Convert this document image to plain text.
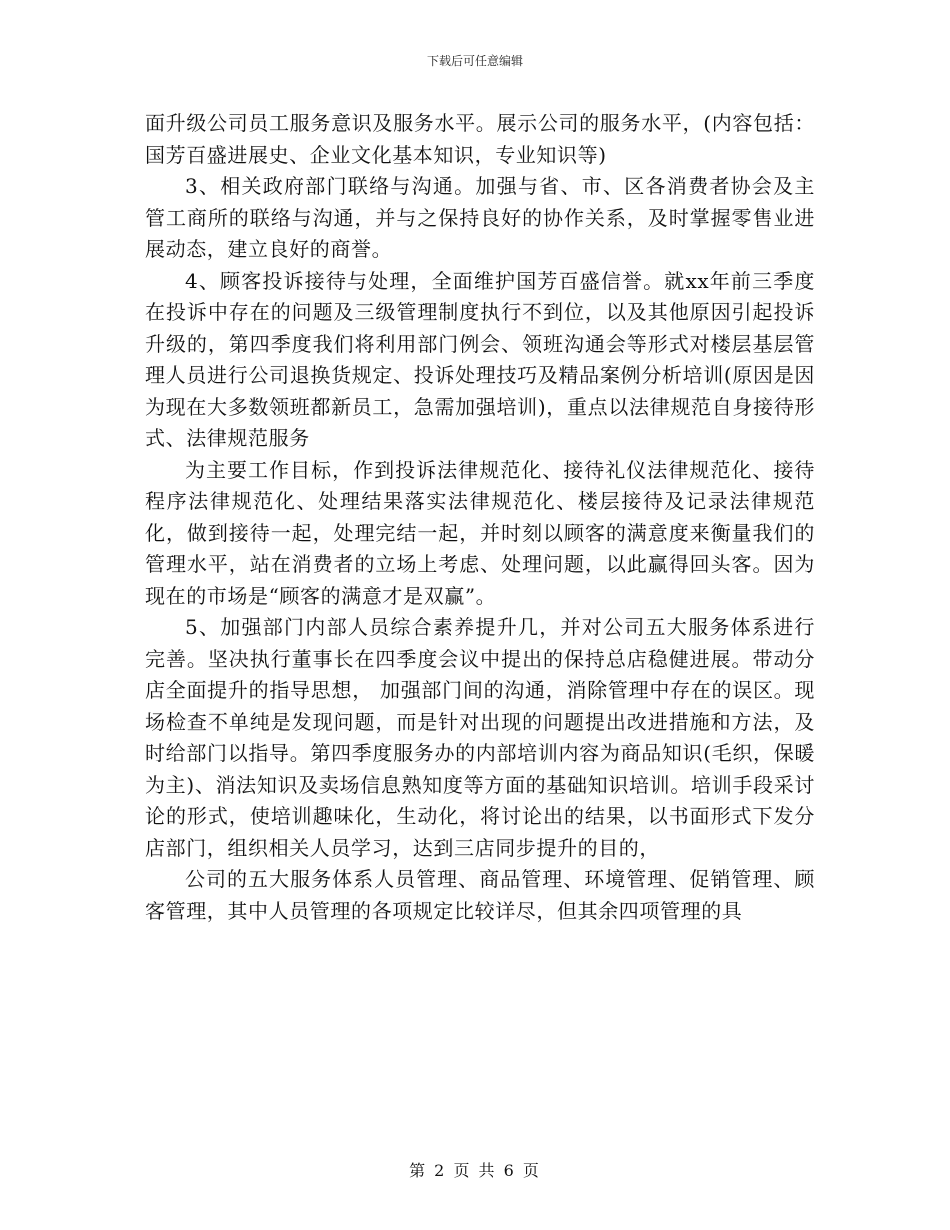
下载后可任意编辑

面升级公司员工服务意识及服务水平。展示公司的服务水平，(内容包括：国芳百盛进展史、企业文化基本知识，专业知识等)

3、相关政府部门联络与沟通。加强与省、市、区各消费者协会及主管工商所的联络与沟通，并与之保持良好的协作关系，及时掌握零售业进展动态，建立良好的商誉。

4、顾客投诉接待与处理，全面维护国芳百盛信誉。就xx年前三季度在投诉中存在的问题及三级管理制度执行不到位，以及其他原因引起投诉升级的，第四季度我们将利用部门例会、领班沟通会等形式对楼层基层管理人员进行公司退换货规定、投诉处理技巧及精品案例分析培训(原因是因为现在大多数领班都新员工，急需加强培训)，重点以法律规范自身接待形式、法律规范服务

为主要工作目标，作到投诉法律规范化、接待礼仪法律规范化、接待程序法律规范化、处理结果落实法律规范化、楼层接待及记录法律规范化，做到接待一起，处理完结一起，并时刻以顾客的满意度来衡量我们的管理水平，站在消费者的立场上考虑、处理问题，以此赢得回头客。因为现在的市场是“顾客的满意才是双赢”。

5、加强部门内部人员综合素养提升几，并对公司五大服务体系进行完善。坚决执行董事长在四季度会议中提出的保持总店稳健进展。带动分店全面提升的指导思想， 加强部门间的沟通，消除管理中存在的误区。现场检查不单纯是发现问题，而是针对出现的问题提出改进措施和方法，及时给部门以指导。第四季度服务办的内部培训内容为商品知识(毛织，保暖为主)、消法知识及卖场信息熟知度等方面的基础知识培训。培训手段采讨论的形式，使培训趣味化，生动化，将讨论出的结果，以书面形式下发分店部门，组织相关人员学习，达到三店同步提升的目的，

公司的五大服务体系人员管理、商品管理、环境管理、促销管理、顾客管理，其中人员管理的各项规定比较详尽，但其余四项管理的具

第 2 页 共 6 页
